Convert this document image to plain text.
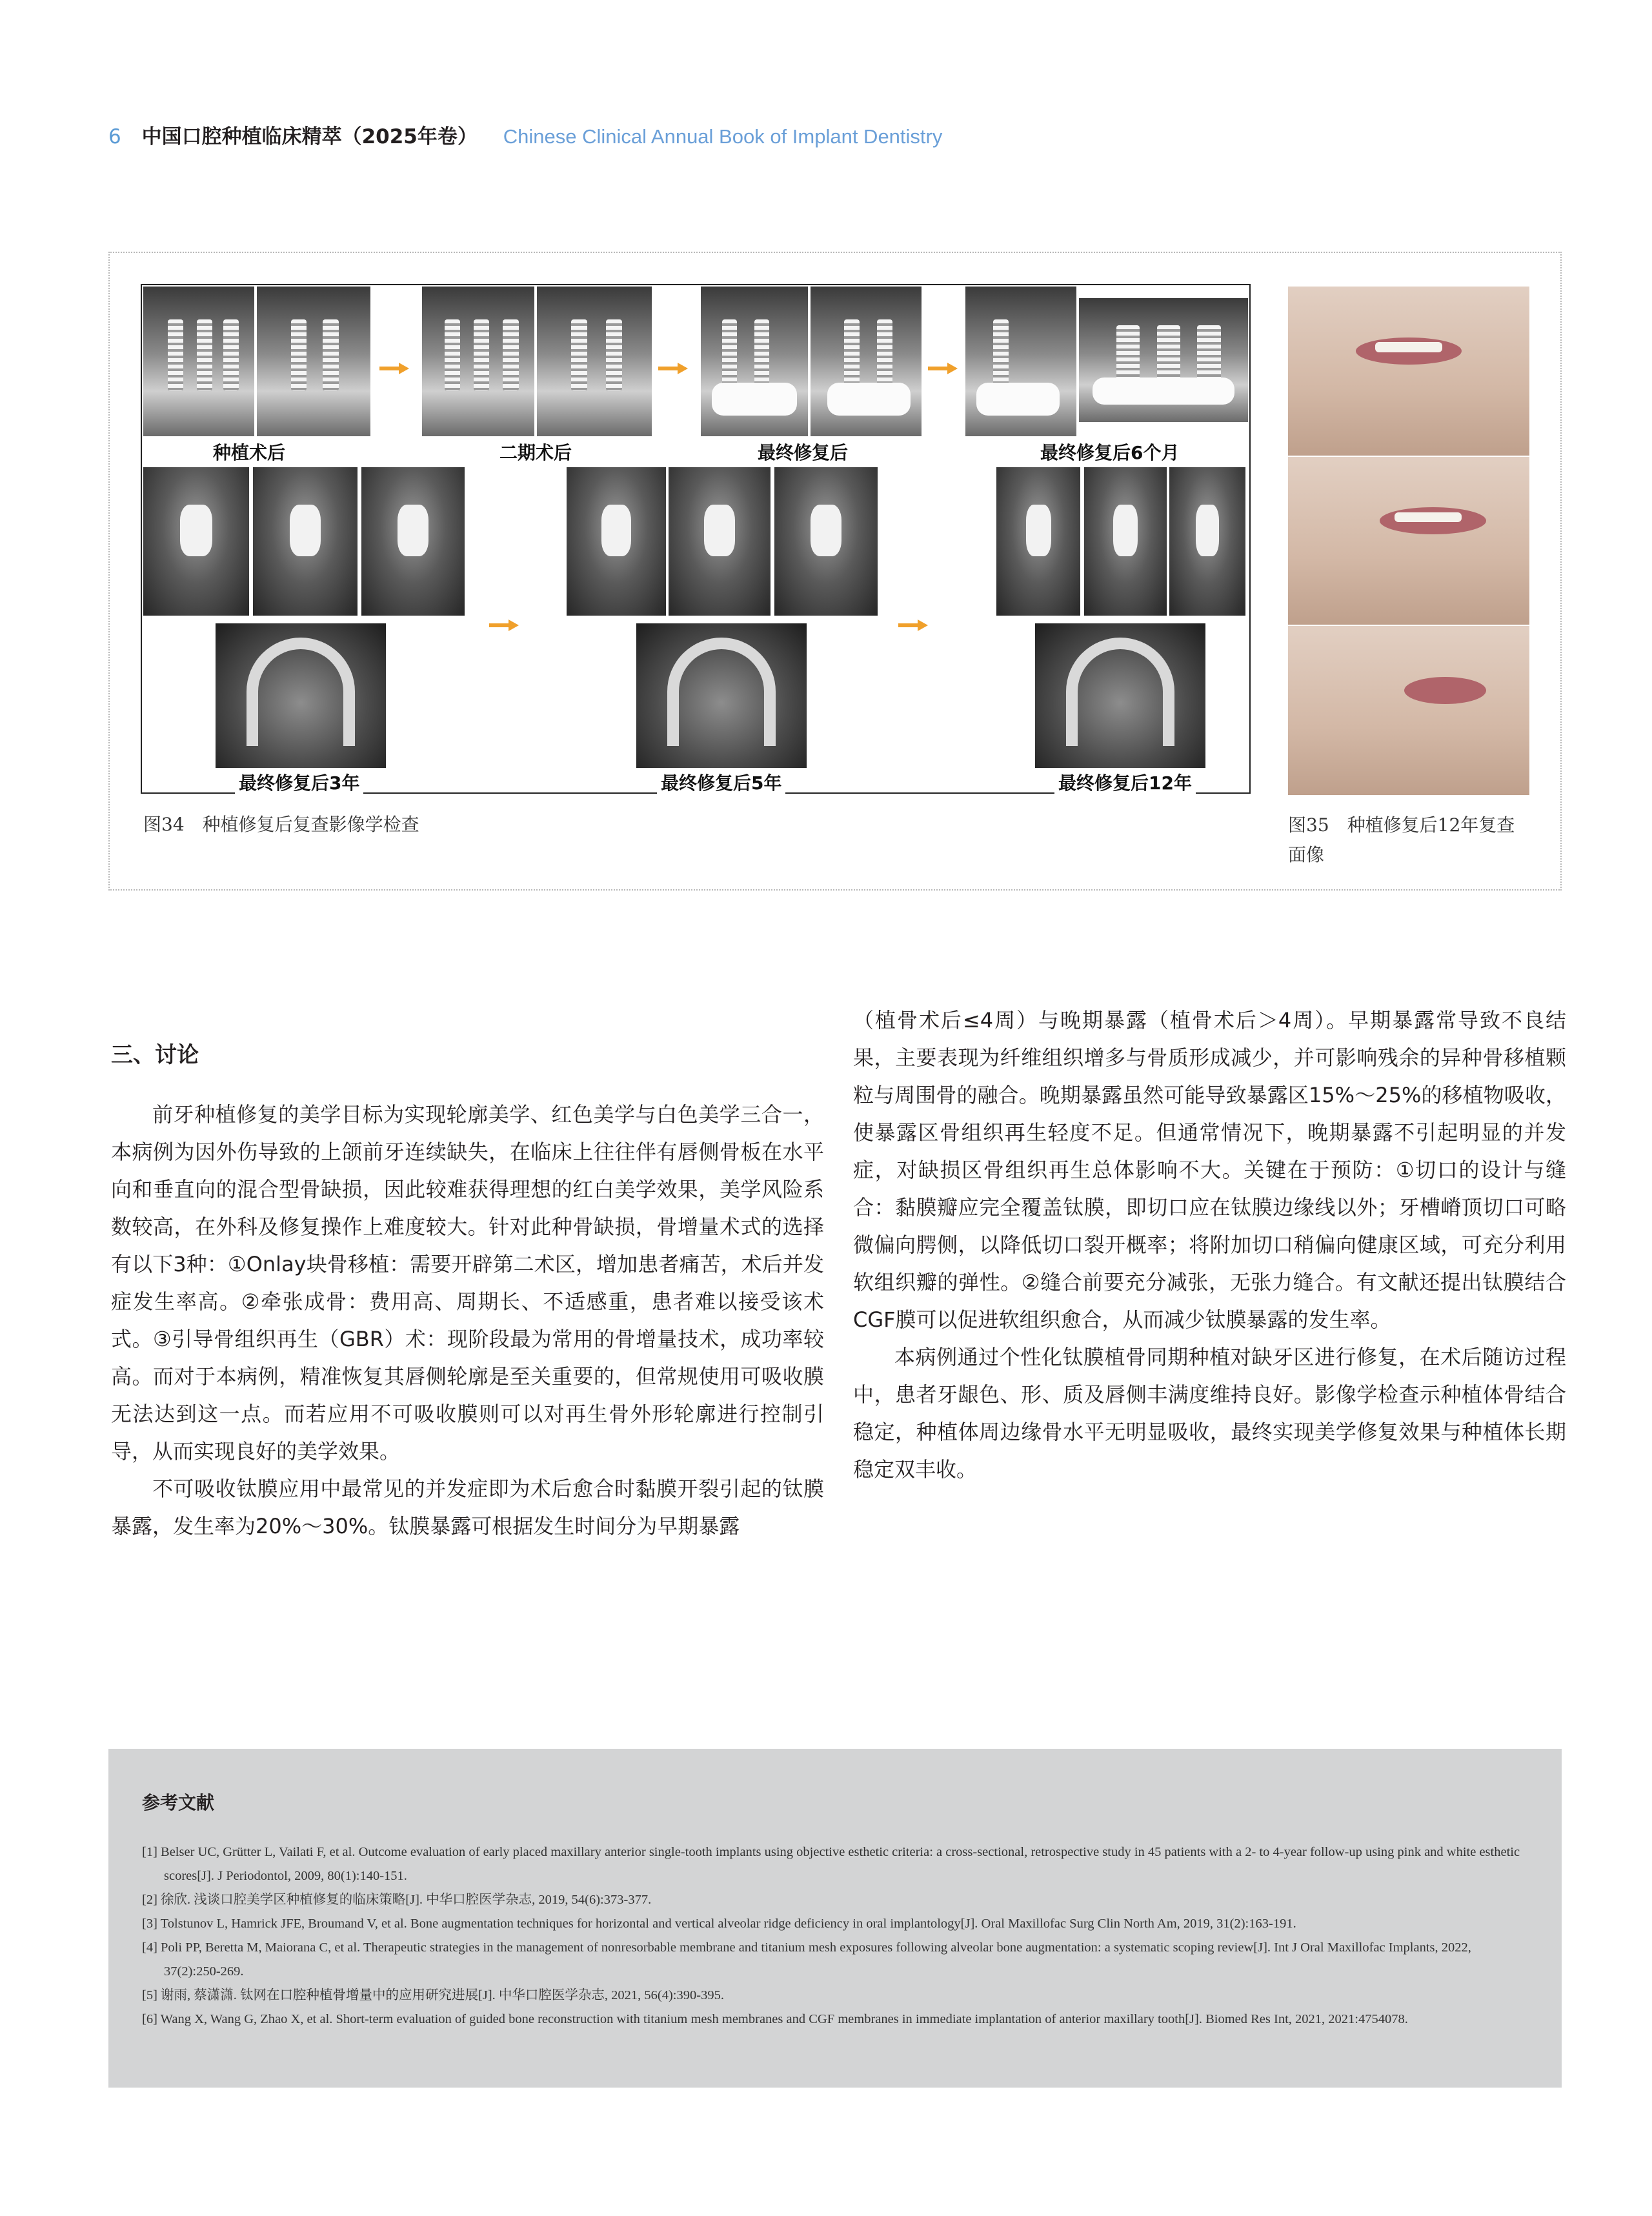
6 中国口腔种植临床精萃（2025年卷） Chinese Clinical Annual Book of Implant Dentistry
种植术后	二期术后	最终修复后	最终修复后6个月
最终修复后3年	最终修复后5年	最终修复后12年
图34　种植修复后复查影像学检查	图35　种植修复后12年复查
面像
三、讨论

前牙种植修复的美学目标为实现轮廓美学、红色美学与白色美学三合一，本病例为因外伤导致的上颌前牙连续缺失，在临床上往往伴有唇侧骨板在水平向和垂直向的混合型骨缺损，因此较难获得理想的红白美学效果，美学风险系数较高，在外科及修复操作上难度较大。针对此种骨缺损，骨增量术式的选择有以下3种：①Onlay块骨移植：需要开辟第二术区，增加患者痛苦，术后并发症发生率高。②牵张成骨：费用高、周期长、不适感重，患者难以接受该术式。③引导骨组织再生（GBR）术：现阶段最为常用的骨增量技术，成功率较高。而对于本病例，精准恢复其唇侧轮廓是至关重要的，但常规使用可吸收膜无法达到这一点。而若应用不可吸收膜则可以对再生骨外形轮廓进行控制引导，从而实现良好的美学效果。

不可吸收钛膜应用中最常见的并发症即为术后愈合时黏膜开裂引起的钛膜暴露，发生率为20%～30%。钛膜暴露可根据发生时间分为早期暴露

（植骨术后≤4周）与晚期暴露（植骨术后＞4周）。早期暴露常导致不良结果，主要表现为纤维组织增多与骨质形成减少，并可影响残余的异种骨移植颗粒与周围骨的融合。晚期暴露虽然可能导致暴露区15%～25%的移植物吸收，使暴露区骨组织再生轻度不足。但通常情况下，晚期暴露不引起明显的并发症，对缺损区骨组织再生总体影响不大。关键在于预防：①切口的设计与缝合：黏膜瓣应完全覆盖钛膜，即切口应在钛膜边缘线以外；牙槽嵴顶切口可略微偏向腭侧，以降低切口裂开概率；将附加切口稍偏向健康区域，可充分利用软组织瓣的弹性。②缝合前要充分减张，无张力缝合。有文献还提出钛膜结合CGF膜可以促进软组织愈合，从而减少钛膜暴露的发生率。

本病例通过个性化钛膜植骨同期种植对缺牙区进行修复，在术后随访过程中，患者牙龈色、形、质及唇侧丰满度维持良好。影像学检查示种植体骨结合稳定，种植体周边缘骨水平无明显吸收，最终实现美学修复效果与种植体长期稳定双丰收。

参考文献
[1] Belser UC, Grütter L, Vailati F, et al. Outcome evaluation of early placed maxillary anterior single-tooth implants using objective esthetic criteria: a cross-sectional, retrospective study in 45 patients with a 2- to 4-year follow-up using pink and white esthetic scores[J]. J Periodontol, 2009, 80(1):140-151.
[2] 徐欣. 浅谈口腔美学区种植修复的临床策略[J]. 中华口腔医学杂志, 2019, 54(6):373-377.
[3] Tolstunov L, Hamrick JFE, Broumand V, et al. Bone augmentation techniques for horizontal and vertical alveolar ridge deficiency in oral implantology[J]. Oral Maxillofac Surg Clin North Am, 2019, 31(2):163-191.
[4] Poli PP, Beretta M, Maiorana C, et al. Therapeutic strategies in the management of nonresorbable membrane and titanium mesh exposures following alveolar bone augmentation: a systematic scoping review[J]. Int J Oral Maxillofac Implants, 2022, 37(2):250-269.
[5] 谢雨, 蔡潇潇. 钛网在口腔种植骨增量中的应用研究进展[J]. 中华口腔医学杂志, 2021, 56(4):390-395.
[6] Wang X, Wang G, Zhao X, et al. Short-term evaluation of guided bone reconstruction with titanium mesh membranes and CGF membranes in immediate implantation of anterior maxillary tooth[J]. Biomed Res Int, 2021, 2021:4754078.
